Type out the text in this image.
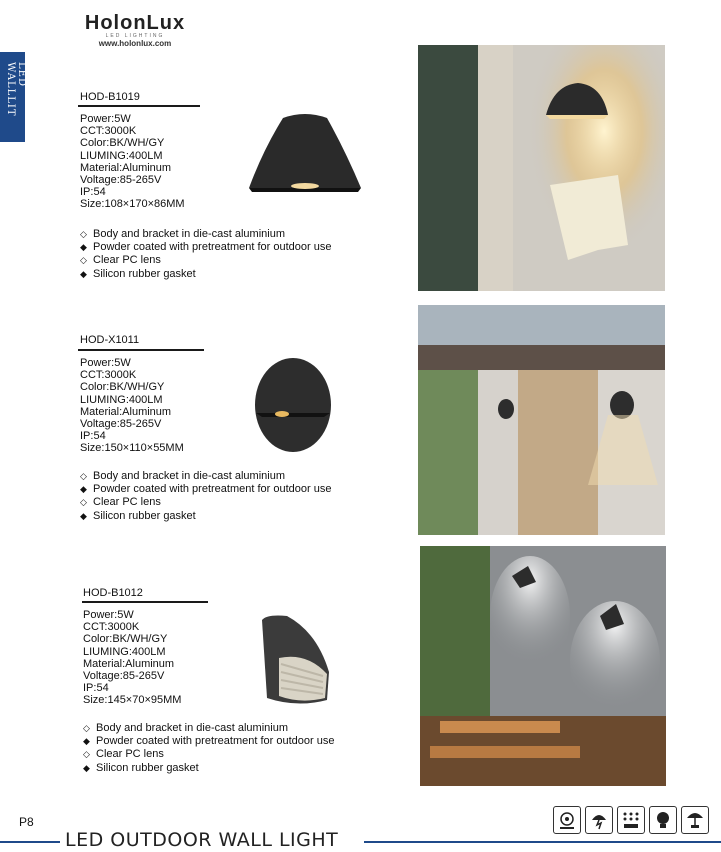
HolonLux
LED LIGHTING
www.holonlux.com
LED WALLLIT	HOD-B1019
Power:5W
CCT:3000K
Color:BK/WH/GY
LIUMING:400LM
Material:Aluminum
Voltage:85-265V
IP:54
Size:108×170×86MM
◇ Body and bracket in die-cast aluminium
◆ Powder coated with pretreatment for outdoor use
◇ Clear PC lens
◆ Silicon rubber gasket
HOD-X1011
Power:5W
CCT:3000K
Color:BK/WH/GY
LIUMING:400LM
Material:Aluminum
Voltage:85-265V
IP:54
Size:150×110×55MM
◇ Body and bracket in die-cast aluminium
◆ Powder coated with pretreatment for outdoor use
◇ Clear PC lens
◆ Silicon rubber gasket
HOD-B1012
Power:5W
CCT:3000K
Color:BK/WH/GY
LIUMING:400LM
Material:Aluminum
Voltage:85-265V
IP:54
Size:145×70×95MM
◇ Body and bracket in die-cast aluminium
◆ Powder coated with pretreatment for outdoor use
◇ Clear PC lens
◆ Silicon rubber gasket
P8
LED OUTDOOR WALL LIGHT
